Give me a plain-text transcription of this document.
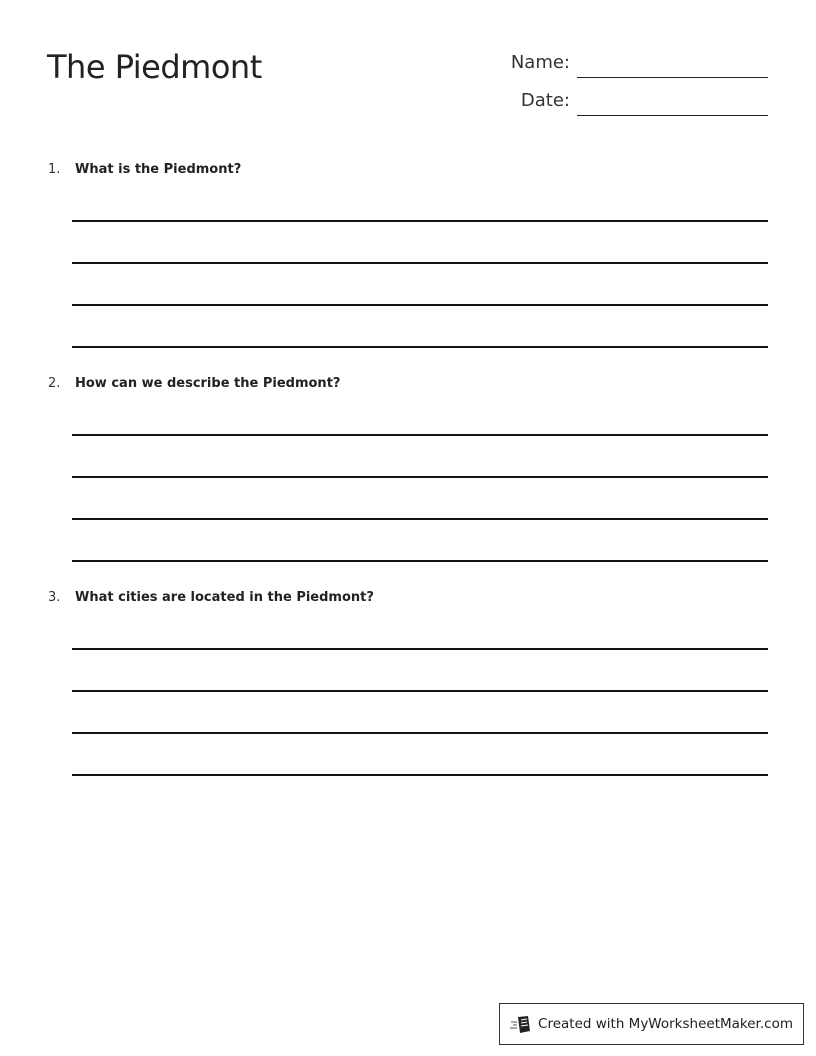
The Piedmont	Name:
Date:
1. What is the Piedmont?
2. How can we describe the Piedmont?
3. What cities are located in the Piedmont?
Created with MyWorksheetMaker.com
